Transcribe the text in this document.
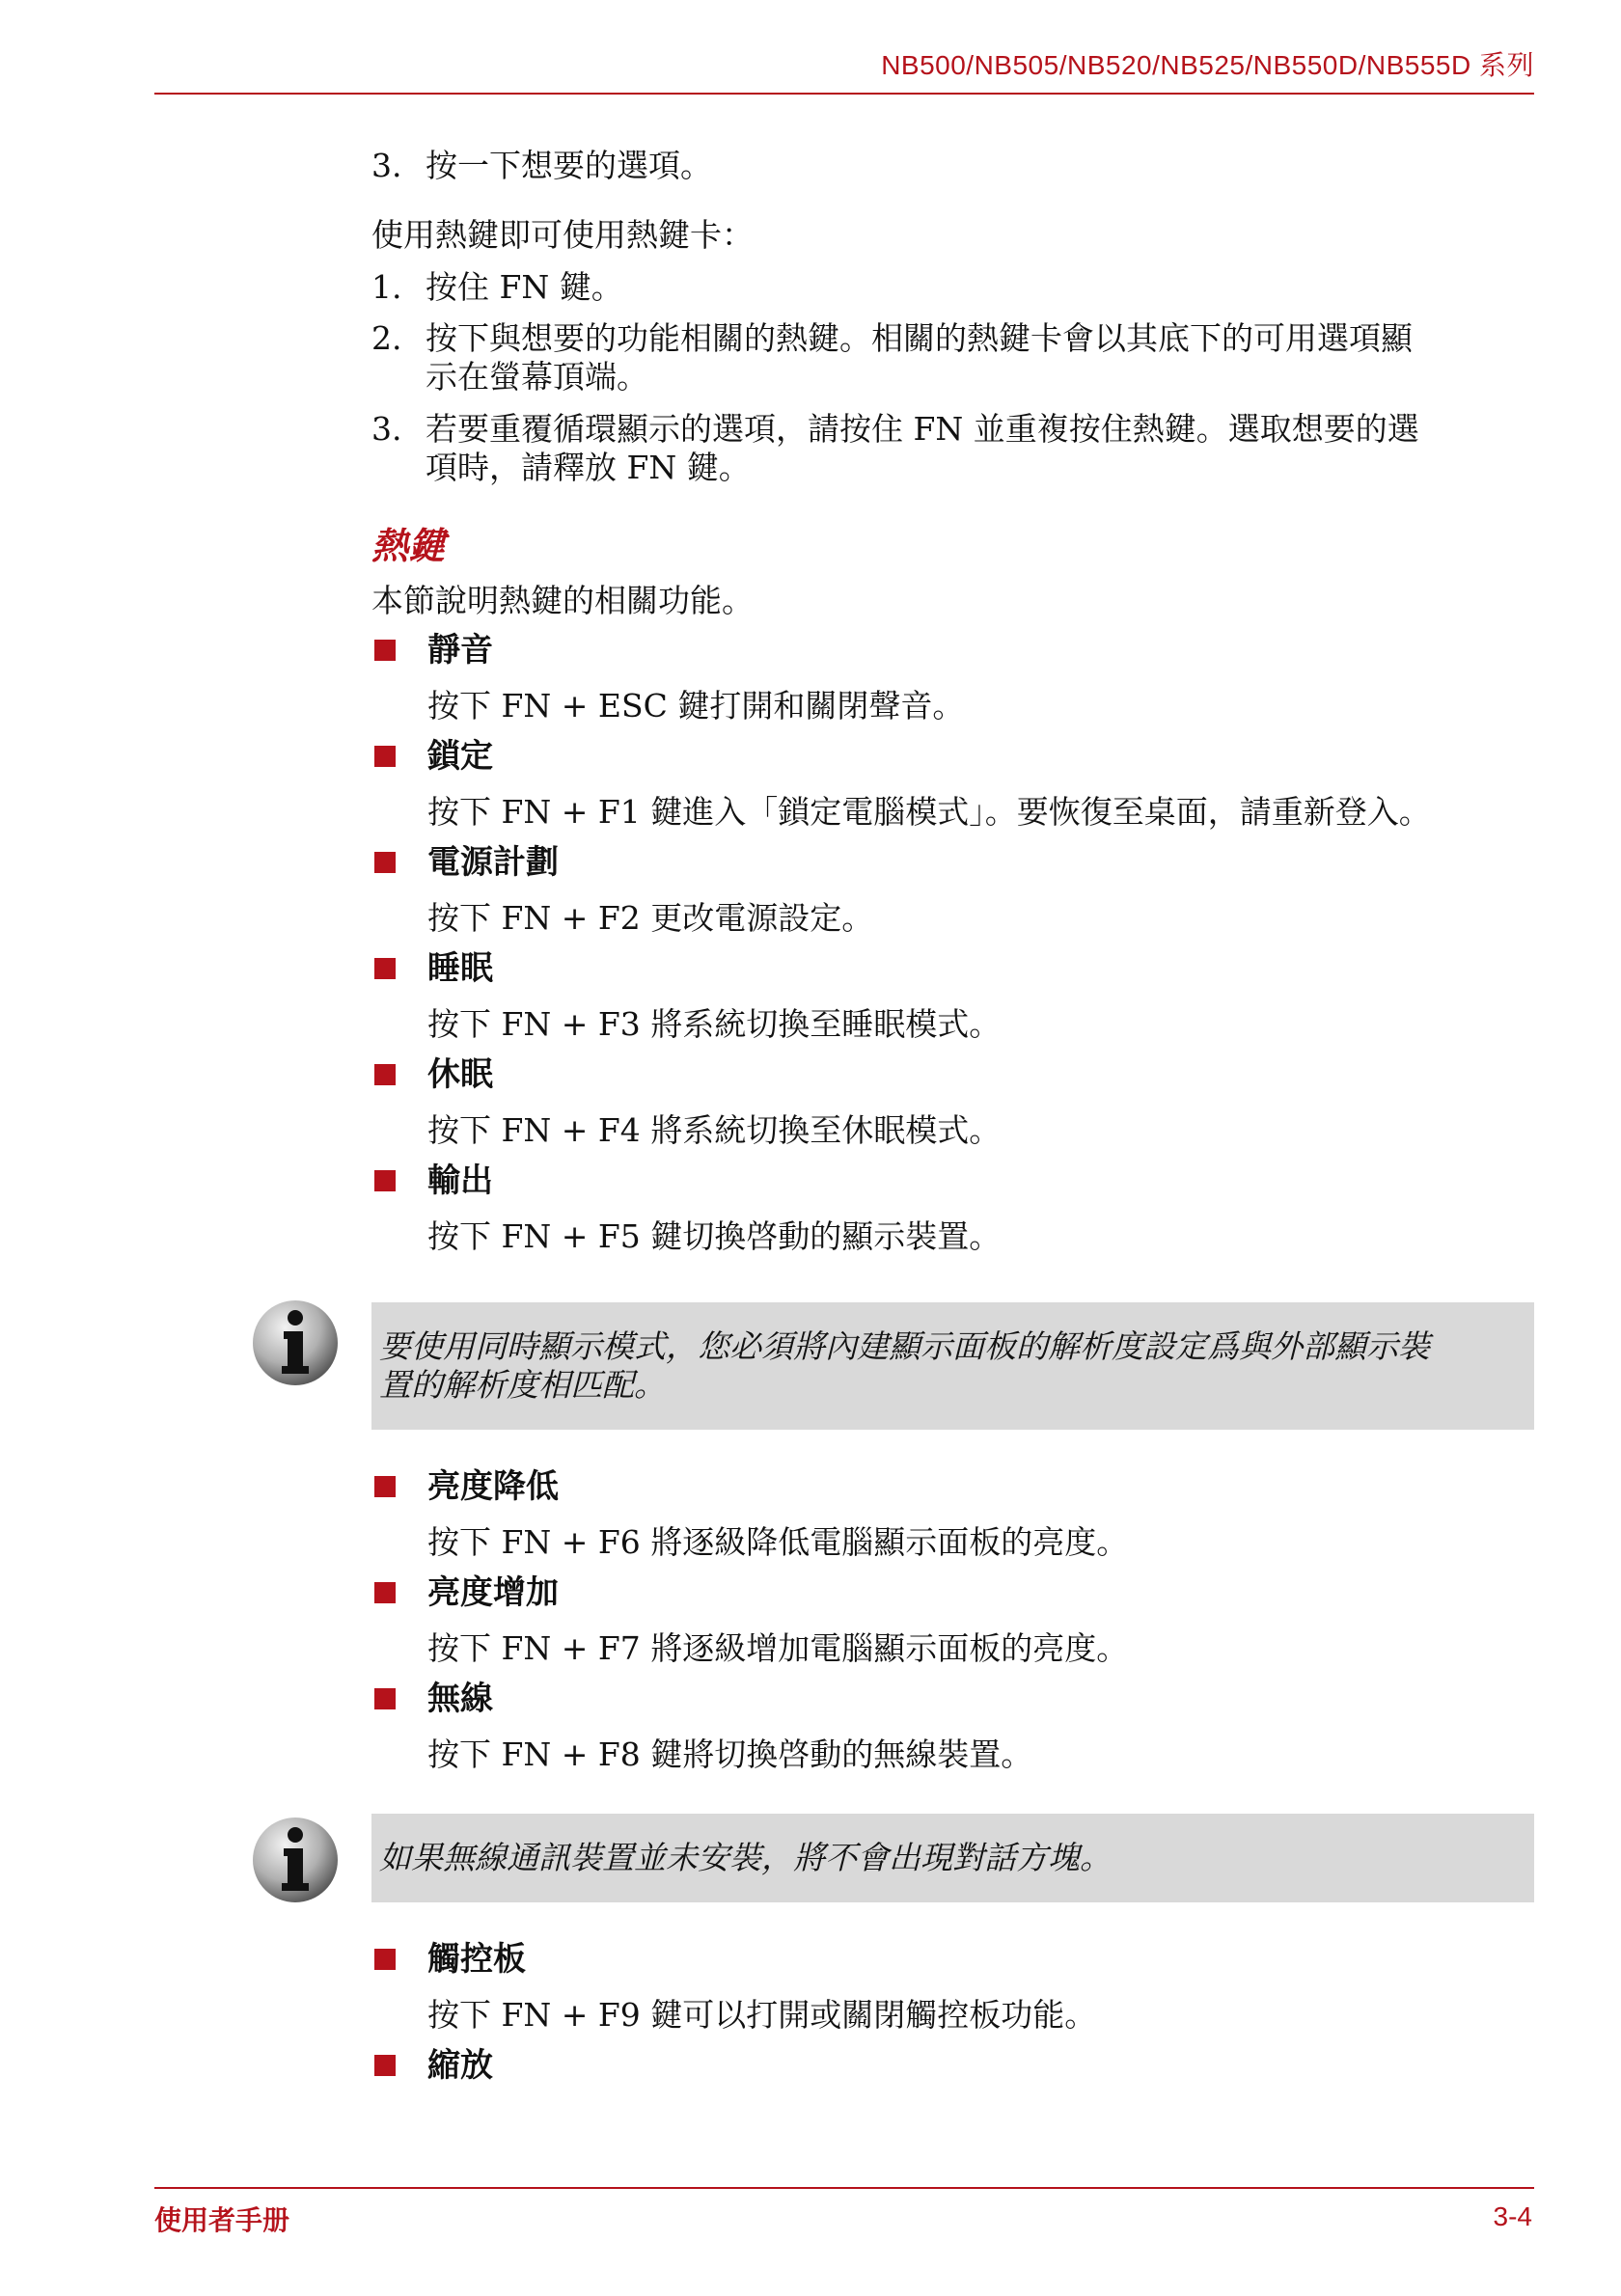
NB500/NB505/NB520/NB525/NB550D/NB555D 系列
3. 按一下想要的選項。
使用熱鍵即可使用熱鍵卡：
1. 按住 FN 鍵。
2. 按下與想要的功能相關的熱鍵。相關的熱鍵卡會以其底下的可用選項顯
示在螢幕頂端。
3. 若要重覆循環顯示的選項，請按住 FN 並重複按住熱鍵。選取想要的選
項時，請釋放 FN 鍵。
熱鍵
本節說明熱鍵的相關功能。
靜音
按下 FN + ESC 鍵打開和關閉聲音。
鎖定
按下 FN + F1 鍵進入「鎖定電腦模式」。要恢復至桌面，請重新登入。
電源計劃
按下 FN + F2 更改電源設定。
睡眠
按下 FN + F3 將系統切換至睡眠模式。
休眠
按下 FN + F4 將系統切換至休眠模式。
輸出
按下 FN + F5 鍵切換啓動的顯示裝置。
要使用同時顯示模式，您必須將內建顯示面板的解析度設定爲與外部顯示裝
置的解析度相匹配。
亮度降低
按下 FN + F6 將逐級降低電腦顯示面板的亮度。
亮度增加
按下 FN + F7 將逐級增加電腦顯示面板的亮度。
無線
按下 FN + F8 鍵將切換啓動的無線裝置。
如果無線通訊裝置並未安裝，將不會出現對話方塊。
觸控板
按下 FN + F9 鍵可以打開或關閉觸控板功能。
縮放
使用者手册	3-4
